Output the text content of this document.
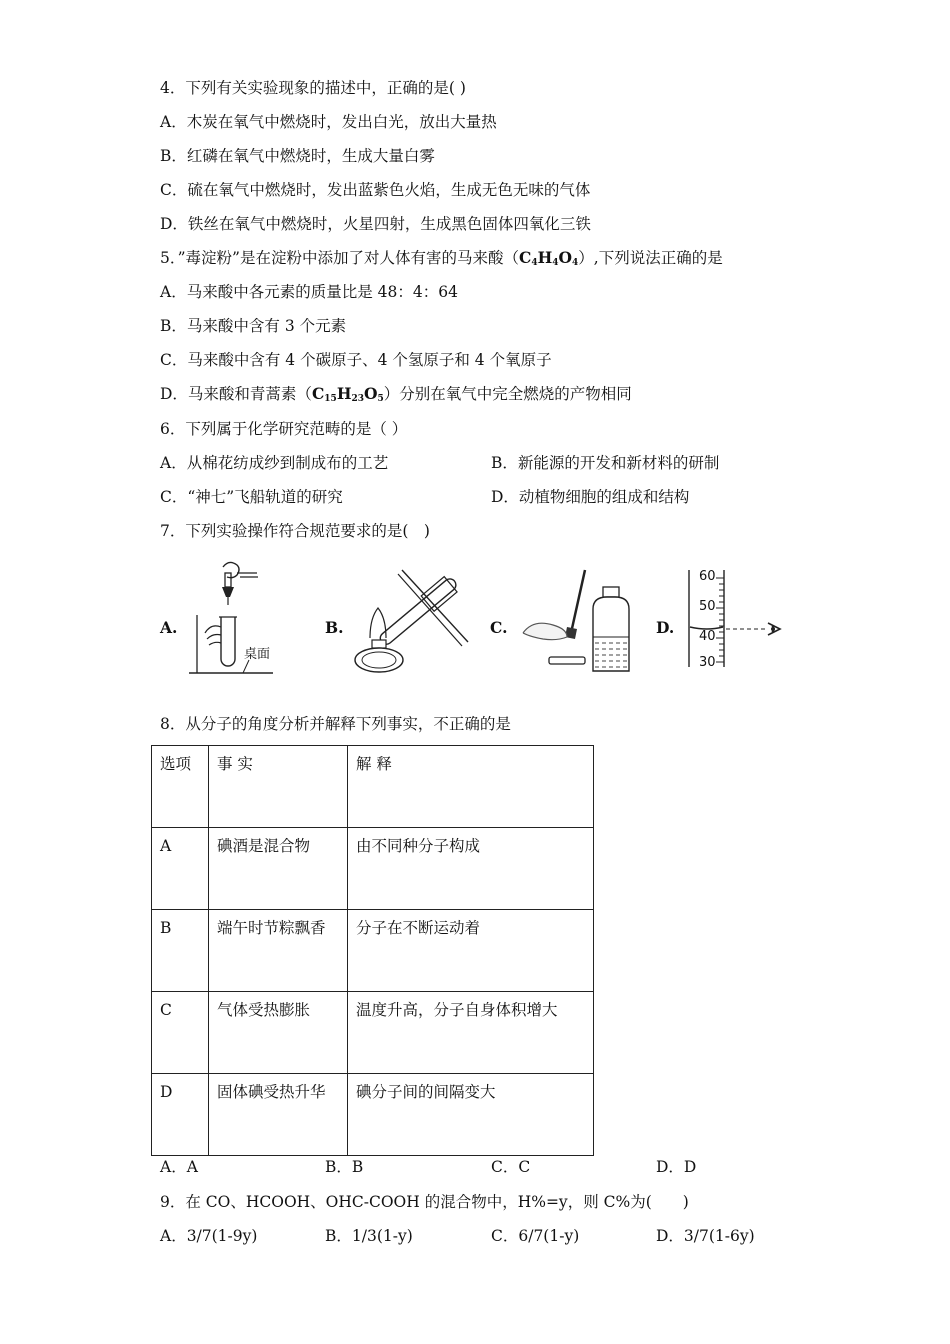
4．下列有关实验现象的描述中，正确的是( )
A．木炭在氧气中燃烧时，发出白光，放出大量热
B．红磷在氧气中燃烧时，生成大量白雾
C．硫在氧气中燃烧时，发出蓝紫色火焰，生成无色无味的气体
D．铁丝在氧气中燃烧时，火星四射，生成黑色固体四氧化三铁
5．”毒淀粉”是在淀粉中添加了对人体有害的马来酸$(C_4H_4O_4)$,下列说法正确的是
A．马来酸中各元素的质量比是 48：4：64
B．马来酸中含有 3 个元素
C．马来酸中含有 4 个碳原子、4 个氢原子和 4 个氧原子
D．马来酸和青蒿素$(C_{15}H_{23}O_5)$分别在氧气中完全燃烧的产物相同
6．下列属于化学研究范畴的是（ ）
A．从棉花纺成纱到制成布的工艺	B．新能源的开发和新材料的研制
C．“神七”飞船轨道的研究	D．动植物细胞的组成和结构
7．下列实验操作符合规范要求的是(　)
A.
桌面
B.	C.	D.
60
50
40
30
8．从分子的角度分析并解释下列事实，不正确的是
选项	事 实	解 释
A	碘酒是混合物	由不同种分子构成
B	端午时节粽飘香	分子在不断运动着
C	气体受热膨胀	温度升高，分子自身体积增大
D	固体碘受热升华	碘分子间的间隔变大
A．A	B．B	C．C	D．D
9．在 CO、HCOOH、OHC-COOH 的混合物中，H%=y，则 C%为(　　)
A．3/7(1-9y)	B．1/3(1-y)	C．6/7(1-y)	D．3/7(1-6y)
